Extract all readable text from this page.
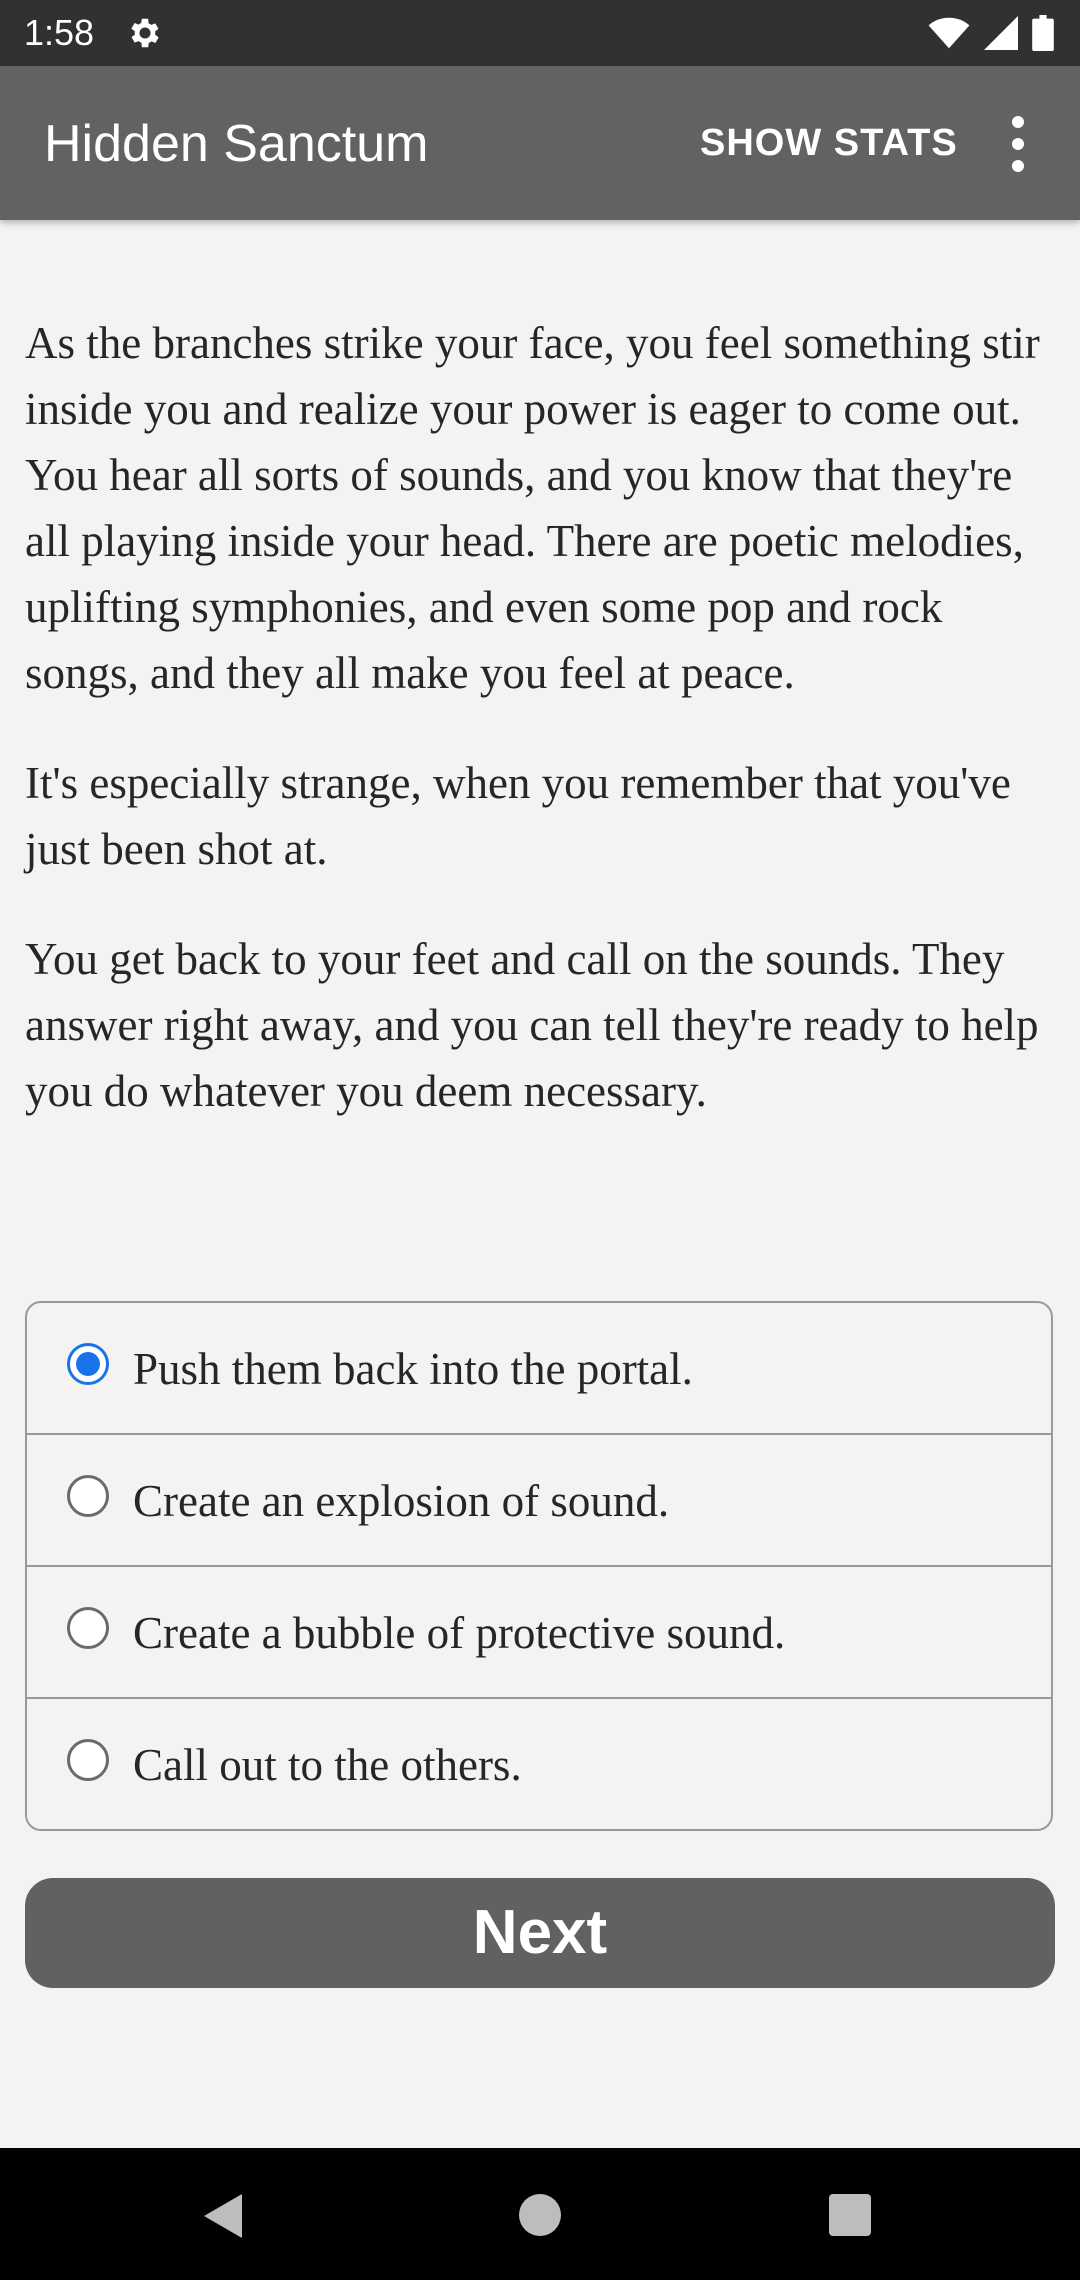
1:58
Hidden Sanctum	SHOW STATS

As the branches strike your face, you feel something stir inside you and realize your power is eager to come out. You hear all sorts of sounds, and you know that they're all playing inside your head. There are poetic melodies, uplifting symphonies, and even some pop and rock songs, and they all make you feel at peace.

It's especially strange, when you remember that you've just been shot at.

You get back to your feet and call on the sounds. They answer right away, and you can tell they're ready to help you do whatever you deem necessary.

Push them back into the portal.
Create an explosion of sound.
Create a bubble of protective sound.
Call out to the others.
Next
